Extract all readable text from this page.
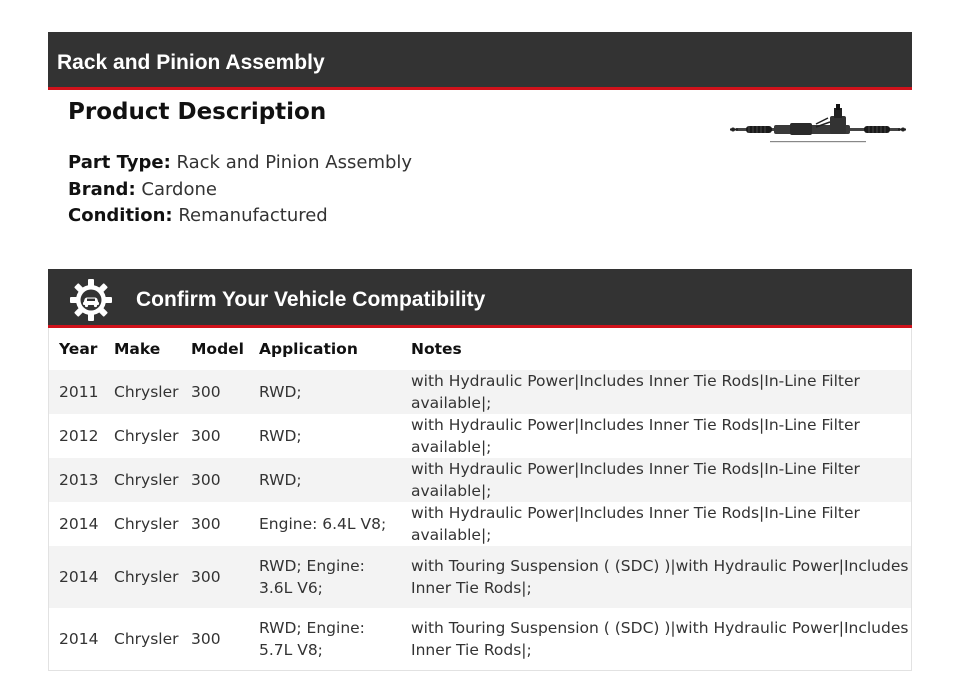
Rack and Pinion Assembly
Product Description
Part Type: Rack and Pinion Assembly
Brand: Cardone
Condition: Remanufactured
Confirm Your Vehicle Compatibility
Year	Make	Model	Application	Notes
2011	Chrysler	300	RWD;	with Hydraulic Power|Includes Inner Tie Rods|In-Line Filter available|;
2012	Chrysler	300	RWD;	with Hydraulic Power|Includes Inner Tie Rods|In-Line Filter available|;
2013	Chrysler	300	RWD;	with Hydraulic Power|Includes Inner Tie Rods|In-Line Filter available|;
2014	Chrysler	300	Engine: 6.4L V8;	with Hydraulic Power|Includes Inner Tie Rods|In-Line Filter available|;
2014	Chrysler	300	RWD; Engine: 3.6L V6;	with Touring Suspension ( (SDC) )|with Hydraulic Power|Includes Inner Tie Rods|;
2014	Chrysler	300	RWD; Engine: 5.7L V8;	with Touring Suspension ( (SDC) )|with Hydraulic Power|Includes Inner Tie Rods|;
